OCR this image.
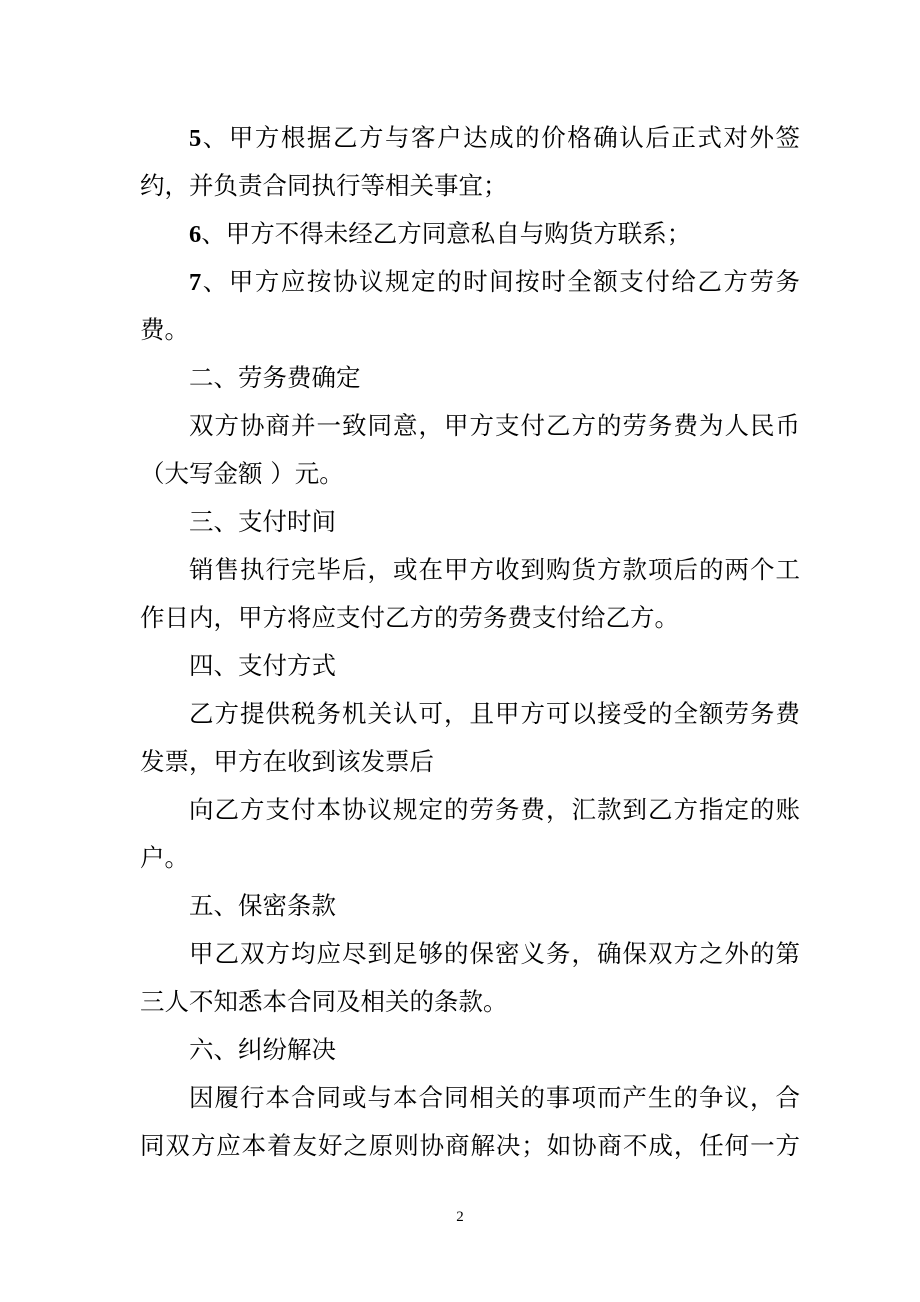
5、甲方根据乙方与客户达成的价格确认后正式对外签
约，并负责合同执行等相关事宜；
6、甲方不得未经乙方同意私自与购货方联系；
7、甲方应按协议规定的时间按时全额支付给乙方劳务
费。
二、劳务费确定
双方协商并一致同意，甲方支付乙方的劳务费为人民币
（大写金额 ）元。
三、支付时间
销售执行完毕后，或在甲方收到购货方款项后的两个工
作日内，甲方将应支付乙方的劳务费支付给乙方。
四、支付方式
乙方提供税务机关认可，且甲方可以接受的全额劳务费
发票，甲方在收到该发票后
向乙方支付本协议规定的劳务费，汇款到乙方指定的账
户。
五、保密条款
甲乙双方均应尽到足够的保密义务，确保双方之外的第
三人不知悉本合同及相关的条款。
六、纠纷解决
因履行本合同或与本合同相关的事项而产生的争议，合
同双方应本着友好之原则协商解决；如协商不成，任何一方
2
